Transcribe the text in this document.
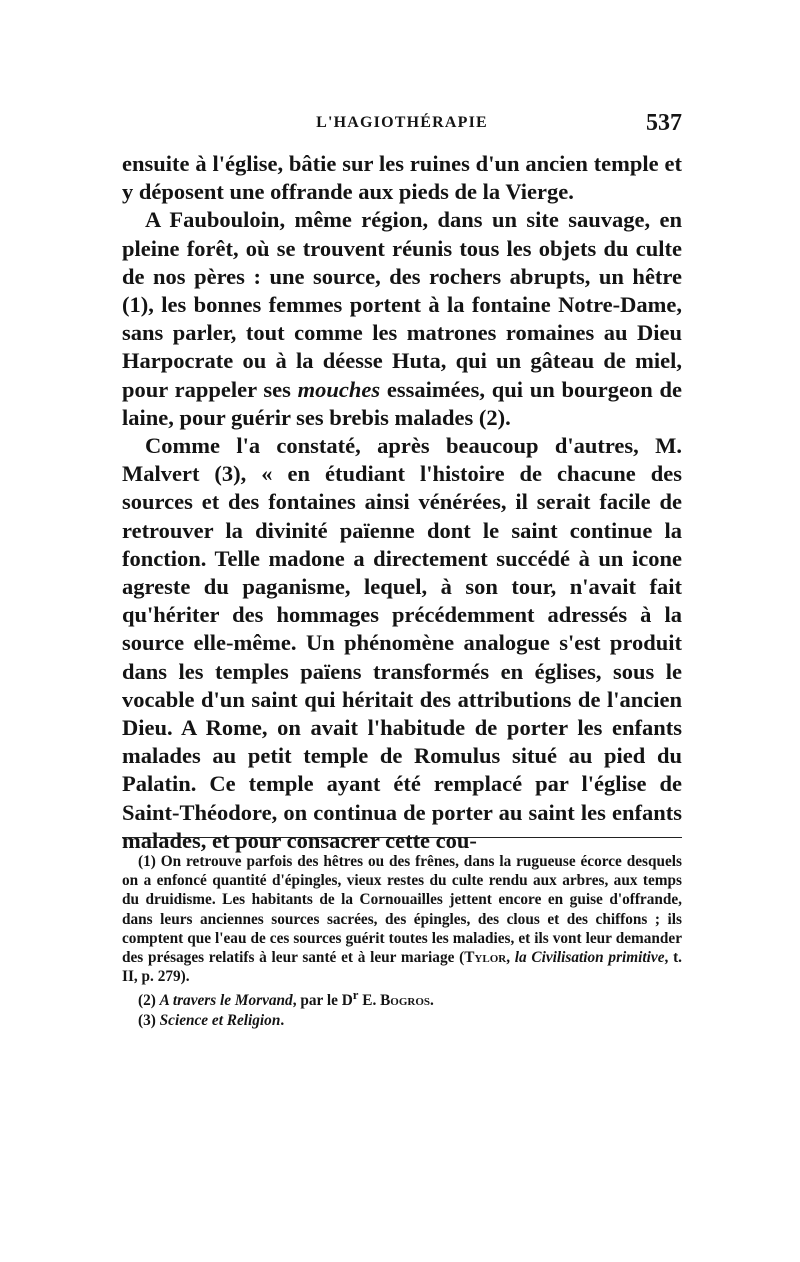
L'HAGIOTHÉRAPIE	537

ensuite à l'église, bâtie sur les ruines d'un ancien temple et y déposent une offrande aux pieds de la Vierge.

A Faubouloin, même région, dans un site sauvage, en pleine forêt, où se trouvent réunis tous les objets du culte de nos pères : une source, des rochers abrupts, un hêtre (1), les bonnes femmes portent à la fontaine Notre-Dame, sans parler, tout comme les matrones romaines au Dieu Harpocrate ou à la déesse Huta, qui un gâteau de miel, pour rappeler ses mouches essaimées, qui un bourgeon de laine, pour guérir ses brebis malades (2).

Comme l'a constaté, après beaucoup d'autres, M. Malvert (3), « en étudiant l'histoire de chacune des sources et des fontaines ainsi vénérées, il serait facile de retrouver la divinité païenne dont le saint continue la fonction. Telle madone a directement succédé à un icone agreste du paganisme, lequel, à son tour, n'avait fait qu'hériter des hommages précédemment adressés à la source elle-même. Un phénomène analogue s'est produit dans les temples païens transformés en églises, sous le vocable d'un saint qui héritait des attributions de l'ancien Dieu. A Rome, on avait l'habitude de porter les enfants malades au petit temple de Romulus situé au pied du Palatin. Ce temple ayant été remplacé par l'église de Saint-Théodore, on continua de porter au saint les enfants malades, et pour consacrer cette cou-

(1) On retrouve parfois des hêtres ou des frênes, dans la rugueuse écorce desquels on a enfoncé quantité d'épingles, vieux restes du culte rendu aux arbres, aux temps du druidisme. Les habitants de la Cornouailles jettent encore en guise d'offrande, dans leurs anciennes sources sacrées, des épingles, des clous et des chiffons ; ils comptent que l'eau de ces sources guérit toutes les maladies, et ils vont leur demander des présages relatifs à leur santé et à leur mariage (Tylor, la Civilisation primitive, t. II, p. 279).

(2) A travers le Morvand, par le $D^r$ E. Bogros.

(3) Science et Religion.
